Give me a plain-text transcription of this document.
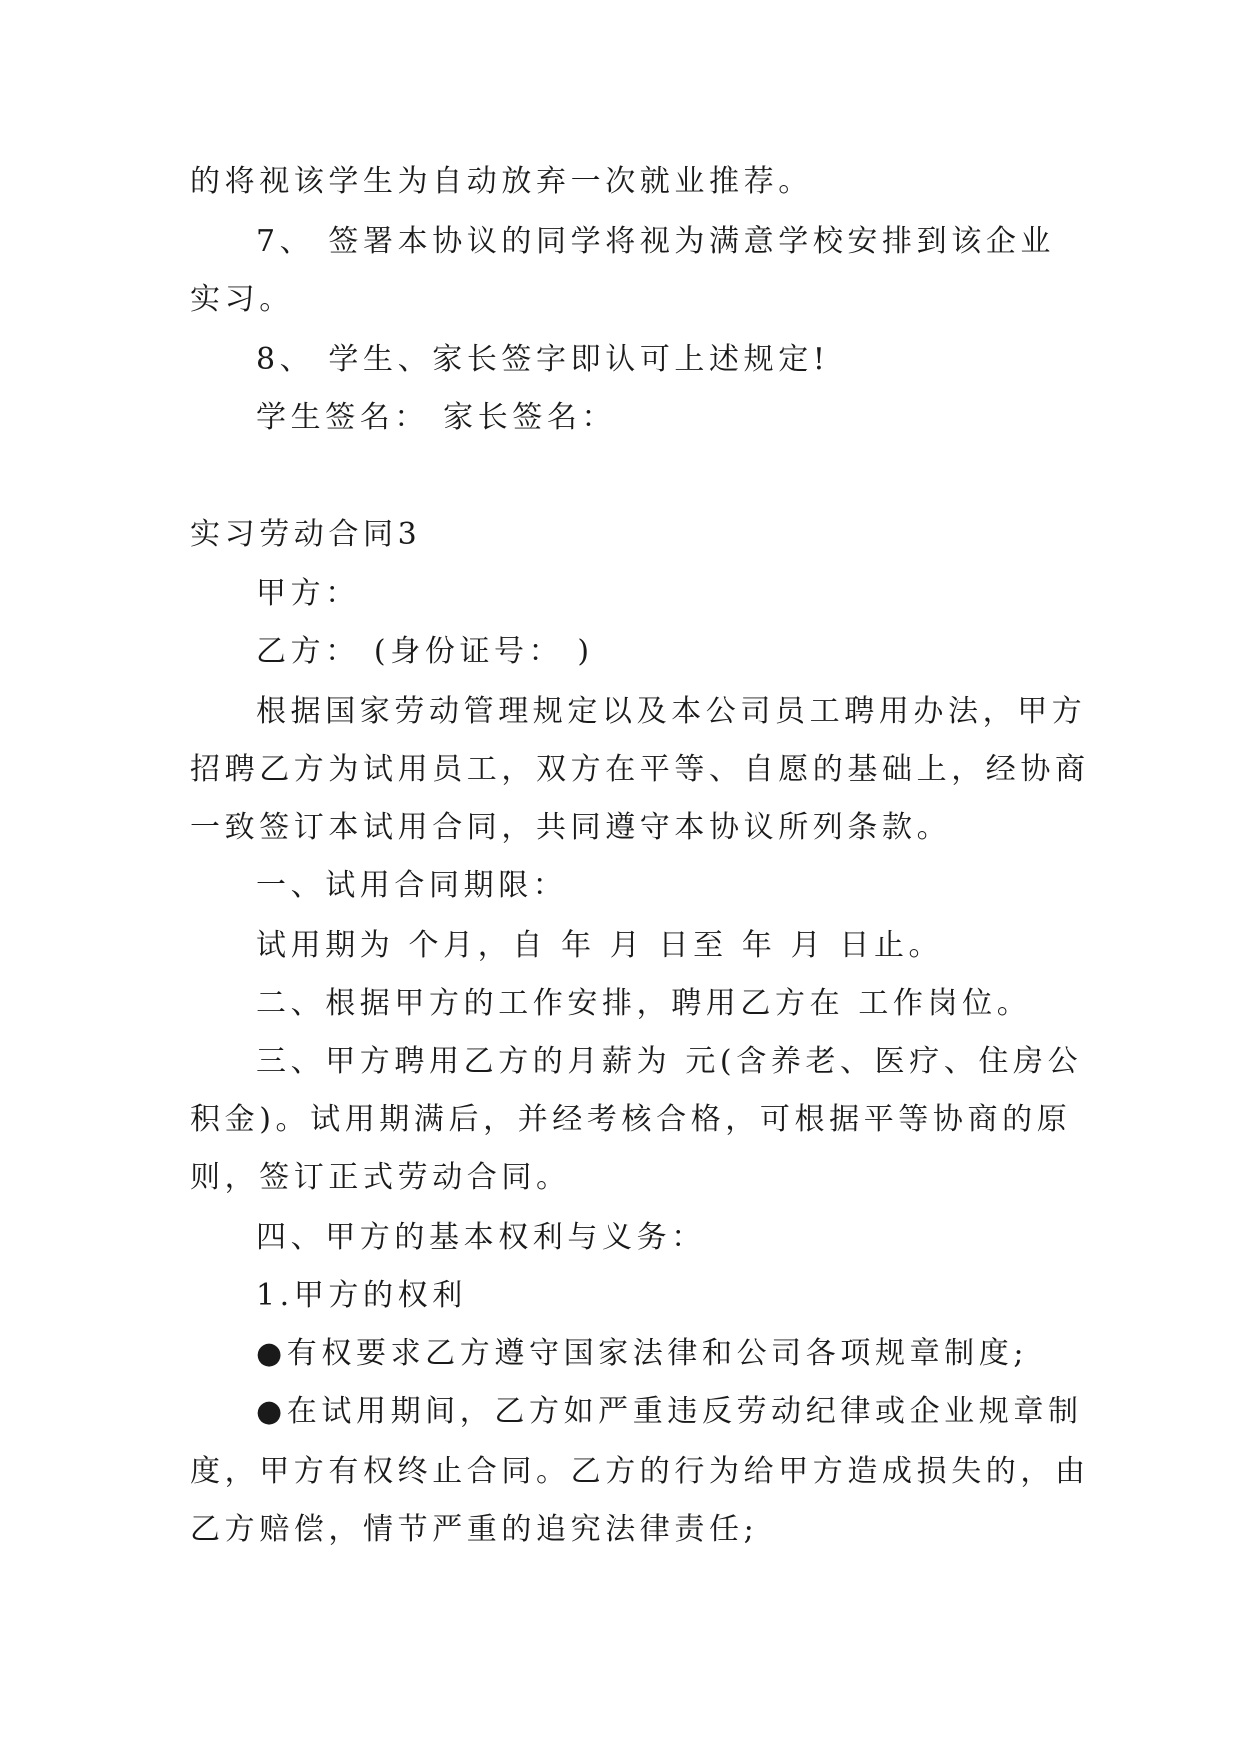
的将视该学生为自动放弃一次就业推荐。
7、 签署本协议的同学将视为满意学校安排到该企业
实习。
8、 学生、家长签字即认可上述规定!
学生签名： 家长签名：
实习劳动合同3
甲方：
乙方： (身份证号： )
根据国家劳动管理规定以及本公司员工聘用办法，甲方
招聘乙方为试用员工，双方在平等、自愿的基础上，经协商
一致签订本试用合同，共同遵守本协议所列条款。
一、试用合同期限：
试用期为 个月，自 年 月 日至 年 月 日止。
二、根据甲方的工作安排，聘用乙方在 工作岗位。
三、甲方聘用乙方的月薪为 元(含养老、医疗、住房公
积金)。试用期满后，并经考核合格，可根据平等协商的原
则，签订正式劳动合同。
四、甲方的基本权利与义务：
1.甲方的权利
●有权要求乙方遵守国家法律和公司各项规章制度;
●在试用期间，乙方如严重违反劳动纪律或企业规章制
度，甲方有权终止合同。乙方的行为给甲方造成损失的，由
乙方赔偿，情节严重的追究法律责任;
